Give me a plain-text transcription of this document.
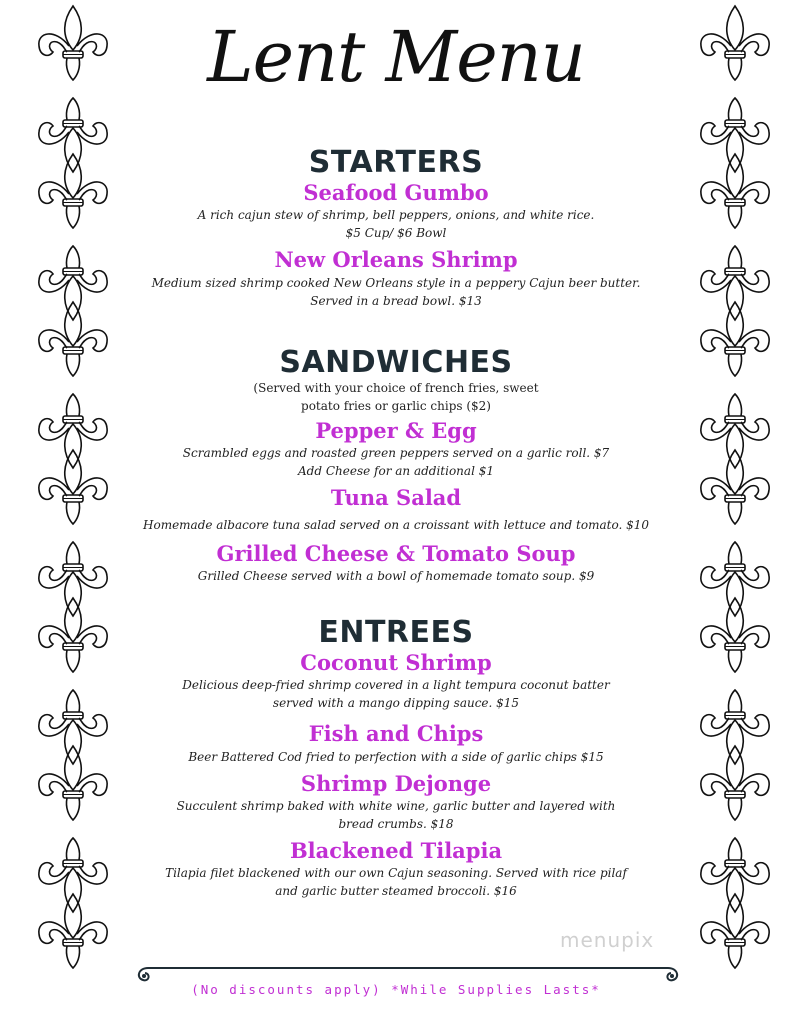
Lent Menu
STARTERS
Seafood Gumbo

A rich cajun stew of shrimp, bell peppers, onions, and white rice.
$5 Cup/ $6 Bowl

New Orleans Shrimp

Medium sized shrimp cooked New Orleans style in a peppery Cajun beer butter.
Served in a bread bowl. $13

SANDWICHES

(Served with your choice of french fries, sweet
potato fries or garlic chips ($2)

Pepper & Egg

Scrambled eggs and roasted green peppers served on a garlic roll. $7
Add Cheese for an additional $1

Tuna Salad

Homemade albacore tuna salad served on a croissant with lettuce and tomato. $10

Grilled Cheese & Tomato Soup

Grilled Cheese served with a bowl of homemade tomato soup. $9

ENTREES
Coconut Shrimp

Delicious deep-fried shrimp covered in a light tempura coconut batter
served with a mango dipping sauce. $15

Fish and Chips

Beer Battered Cod fried to perfection with a side of garlic chips $15

Shrimp Dejonge

Succulent shrimp baked with white wine, garlic butter and layered with
bread crumbs. $18

Blackened Tilapia

Tilapia filet blackened with our own Cajun seasoning. Served with rice pilaf
and garlic butter steamed broccoli. $16

menupix
(No discounts apply) *While Supplies Lasts*
